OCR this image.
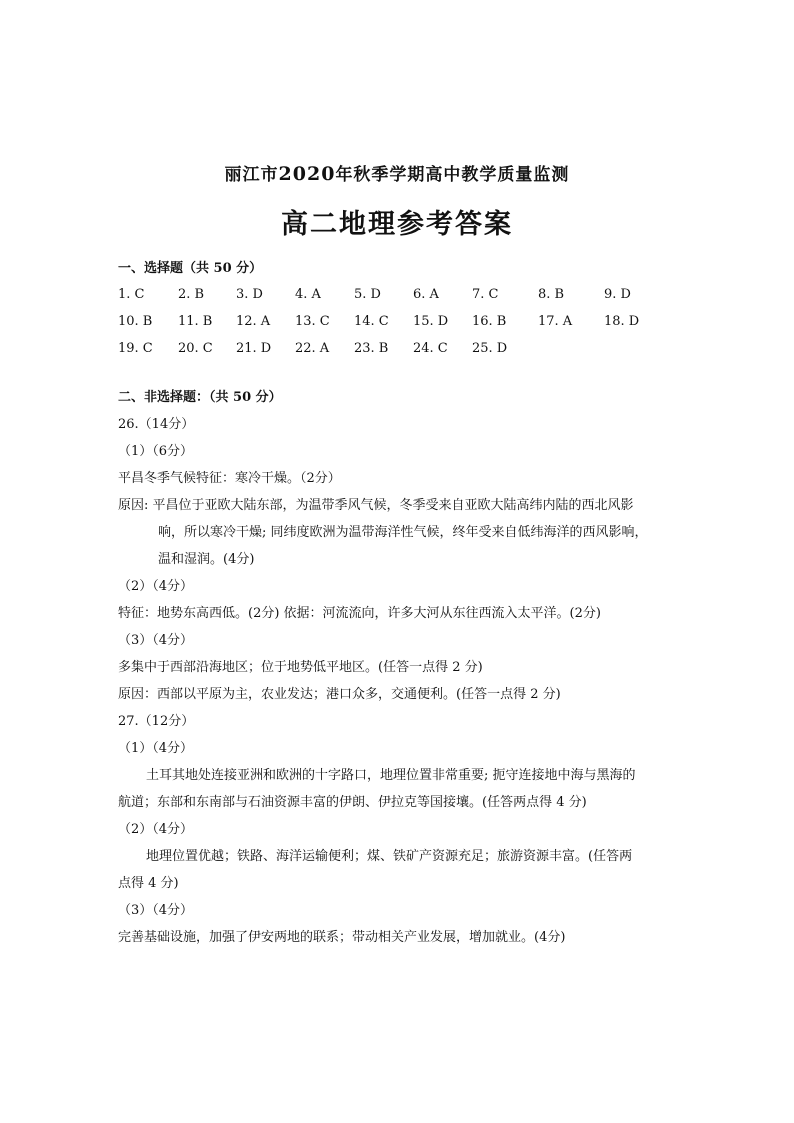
丽江市2020年秋季学期高中教学质量监测
高二地理参考答案
一、选择题（共 50 分）
1. C	2. B 3. D 4. A	5. D 6. A	7. C	8. B	9. D
10. B 11. B 12. A 13. C 14. C 15. D 16. B 17. A 18. D
19. C 20. C 21. D 22. A 23. B 24. C 25. D
二、非选择题：（共 50 分）
26.（14分）
（1）（6分）
平昌冬季气候特征：寒冷干燥。（2分）
原因: 平昌位于亚欧大陆东部，为温带季风气候，冬季受来自亚欧大陆高纬内陆的西北风影
响，所以寒冷干燥; 同纬度欧洲为温带海洋性气候，终年受来自低纬海洋的西风影响，
温和湿润。(4分)
（2）（4分）
特征：地势东高西低。(2分) 依据：河流流向，许多大河从东往西流入太平洋。(2分)
（3）（4分）
多集中于西部沿海地区；位于地势低平地区。(任答一点得 2 分)
原因：西部以平原为主，农业发达；港口众多，交通便利。(任答一点得 2 分)
27.（12分）
（1）（4分）
土耳其地处连接亚洲和欧洲的十字路口，地理位置非常重要; 扼守连接地中海与黑海的
航道；东部和东南部与石油资源丰富的伊朗、伊拉克等国接壤。(任答两点得 4 分)
（2）（4分）
地理位置优越；铁路、海洋运输便利；煤、铁矿产资源充足；旅游资源丰富。(任答两
点得 4 分)
（3）（4分）
完善基础设施，加强了伊安两地的联系；带动相关产业发展，增加就业。(4分)
